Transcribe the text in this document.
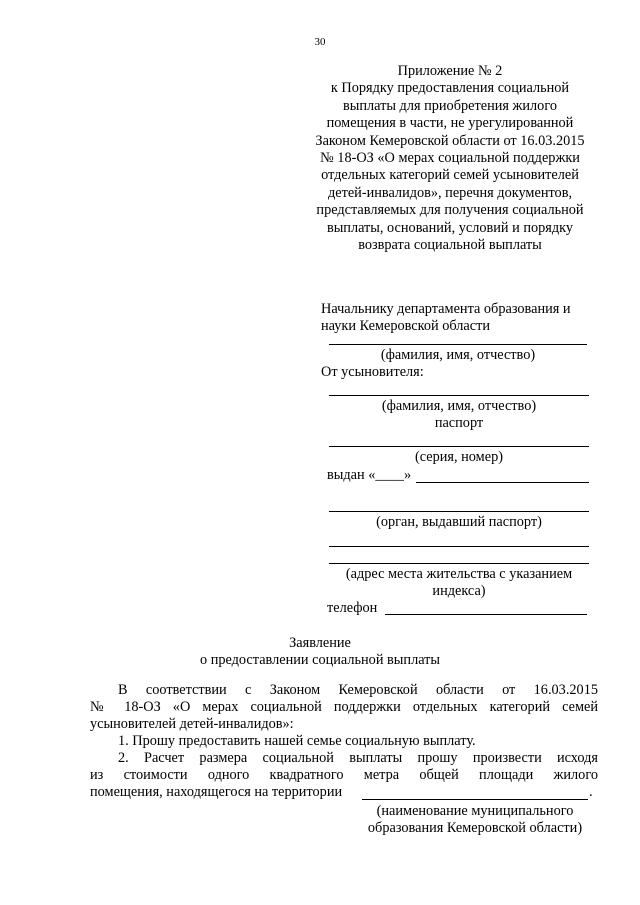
30
Приложение № 2
к Порядку предоставления социальной
выплаты для приобретения жилого
помещения в части, не урегулированной
Законом Кемеровской области от 16.03.2015
№ 18-ОЗ «О мерах социальной поддержки
отдельных категорий семей усыновителей
детей-инвалидов», перечня документов,
представляемых для получения социальной
выплаты, оснований, условий и порядку
возврата социальной выплаты
Начальнику департамента образования и
науки Кемеровской области
(фамилия, имя, отчество)
От усыновителя:
(фамилия, имя, отчество)
паспорт
(серия, номер)
выдан «____»
(орган, выдавший паспорт)
(адрес места жительства с указанием
индекса)
телефон
Заявление
о предоставлении социальной выплаты
В соответствии с Законом Кемеровской области от 16.03.2015
№ 18-ОЗ «О мерах социальной поддержки отдельных категорий семей
усыновителей детей-инвалидов»:
1. Прошу предоставить нашей семье социальную выплату.
2. Расчет размера социальной выплаты прошу произвести исходя
из стоимости одного квадратного метра общей площади жилого
помещения, находящегося на территории	.
(наименование муниципального
образования Кемеровской области)
